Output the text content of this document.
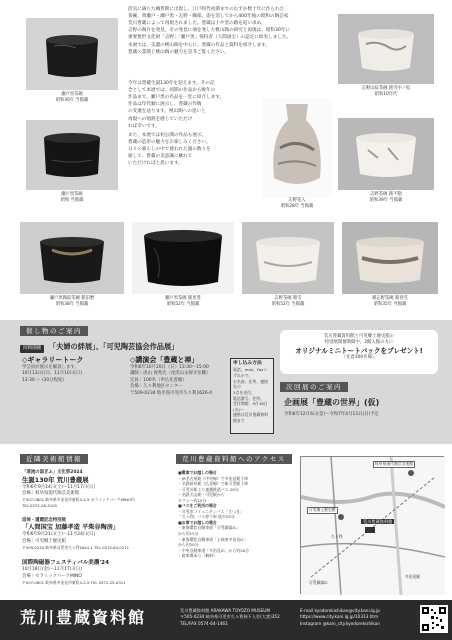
瀬戸黒茶碗
昭和30年 当館蔵
活気に満ちた織豊期に出現し、江戸時代初期までのわずか数十年に作られた
茶碗、黄瀬戸・瀬戸黒・志野・織部。姿を消してから400年後の昭和の陶芸家
荒川豊蔵によって再現されました。豊蔵は土や窯の跡を追い求め、
志野の陶片を発見。その発見に端を発した桃山陶の研究と再現は、昭和30年に
重要無形文化財「志野」「瀬戸黒」保持者（人間国宝）の認定に結実しました。
本展では、美濃の桃山陶を中心に、豊蔵の作品と資料を紹介します。
豊蔵の業績と桃山陶の魅力を是非ご覧ください。
志野山紋茶碗 銘雪中ノ松
昭和10年代
瀬戸黒茶碗
昭和 当館蔵
今年は豊蔵生誕130年を迎えます。その記
念として本展では、初期の作品から晩年の
作品まで、瀬戸黒の名品を一堂に紹介します。
作品は年代順に展示し、豊蔵の作陶
の変遷を辿ります。桃山陶への思いと
再現への情熱を感じていただけ
れば幸いです。
また、本展では初公開の作品も展示。
豊蔵の造形の魅力をお楽しみください。
日々の暮らしの中で使われた器の数々を
通して、豊蔵の美意識に触れて
いただければと思います。
志野花入
昭和28年 当館蔵
志野茶碗 銘不動
昭和39年 当館蔵
瀬戸黒陶紋茶碗 銘旧暦
昭和38年 当館蔵
瀬戸黒茶碗 銘黒豊
昭和52年 当館蔵
志野茶碗 銘雪
昭和52年 当館蔵
赫志野茶碗 銘春雪
昭和35年 当館蔵
催し物のご案内
同時開催 「夫婦の絆展」、「可児陶芸協会作品展」
◇ギャラリートーク
学芸員が展示を解説します。
10月13日(日)、11月10日(日)
13:30 ～ (30分程度)
◇講演会「豊蔵と禅」
令和6年10月20日（日）13:30～15:00
講師｜虎山 義秀氏（虎渓山永保寺住職）
定員｜100名（申込先着順）
会場｜久々利地区センター
〒509-0234 岐阜県可児市久々利1626-4
申し込み方法
電話、mail、Faxいずれかで、
お名前、住所、連絡先の
3点を送付。
電話番号、住所。
受付期間：9月18日(水)～
連絡は荒川豊蔵資料館まで
荒川豊蔵資料館と可児郷土歴史館の
特別展開催期間中、2館入館の方に
オリジナルミニトートバックをプレゼント!
（先着300名様）
次回展のご案内
企画展「豊蔵の世界」(仮)
令和6年12月6日(金)～令和7年4月13日(日)予定
近隣美術館情報
「清流の国ぎふ」文化祭2024
生誕130年 荒川豊蔵展
令和6年9月14日(土)～11月17日(日)
会場｜岐阜県現代陶芸美術館
〒507-0801 岐阜県多治見市東町4-2-5 セラミックパークMINO内
TEL 0572-28-3100
追悼・遺贈記念特別展
「人間国宝 加藤孝造 平柴谷陶房」
令和6年9月21日(土)～11月24日(日)
会場｜可児郷土歴史館
〒509-0234 岐阜県可児市久々利1644-1 TEL 0574-64-0211
国際陶磁器フェスティバル美濃'24
10月18日(金)～11月17日(日)
会場｜セラミックパークMINO
〒507-0801 岐阜県多治見市東町4-2-5 TEL 0572-25-0311
荒川豊蔵資料館へのアクセス
■電車でお越しの場合
・JR名古屋駅（中央線）で多治見駅下車
・名鉄岐阜駅（広見線）で新可児駅下車
・可児川駅より東濃鉄道バス 20分
・名鉄犬山駅・可児駅から
タクシー約15分
■バスをご利用の場合
・可児市コミュニティバス「さつき」
「久々利」バス停下車 徒歩25分
■お車でお越しの場合
・東海環状自動車道「可児御嵩IC」
から約15分
・東海環状自動車道「土岐南多治見IC」
から約20分
・中央自動車道「多治見IC」から約20分
・駐車場あり（無料）
岐阜県現代陶芸美術館
可児郷土歴史館
荒川豊蔵資料館
久々利
多治見駅
可児御嵩IC
荒川豊蔵資料館	荒川豊蔵資料館 ARAKAWA TOYOZO MUSEUM
〒505-0234 岐阜県可児市久々利柿下入会(大萱)352
TEL/FAX 0574-64-1461
E-mail kyodorekishikan@city.kani.lg.jp
https://www.city.kani.lg.jp/10313.htm
Instagram @kani_city.kyodorekishikan
